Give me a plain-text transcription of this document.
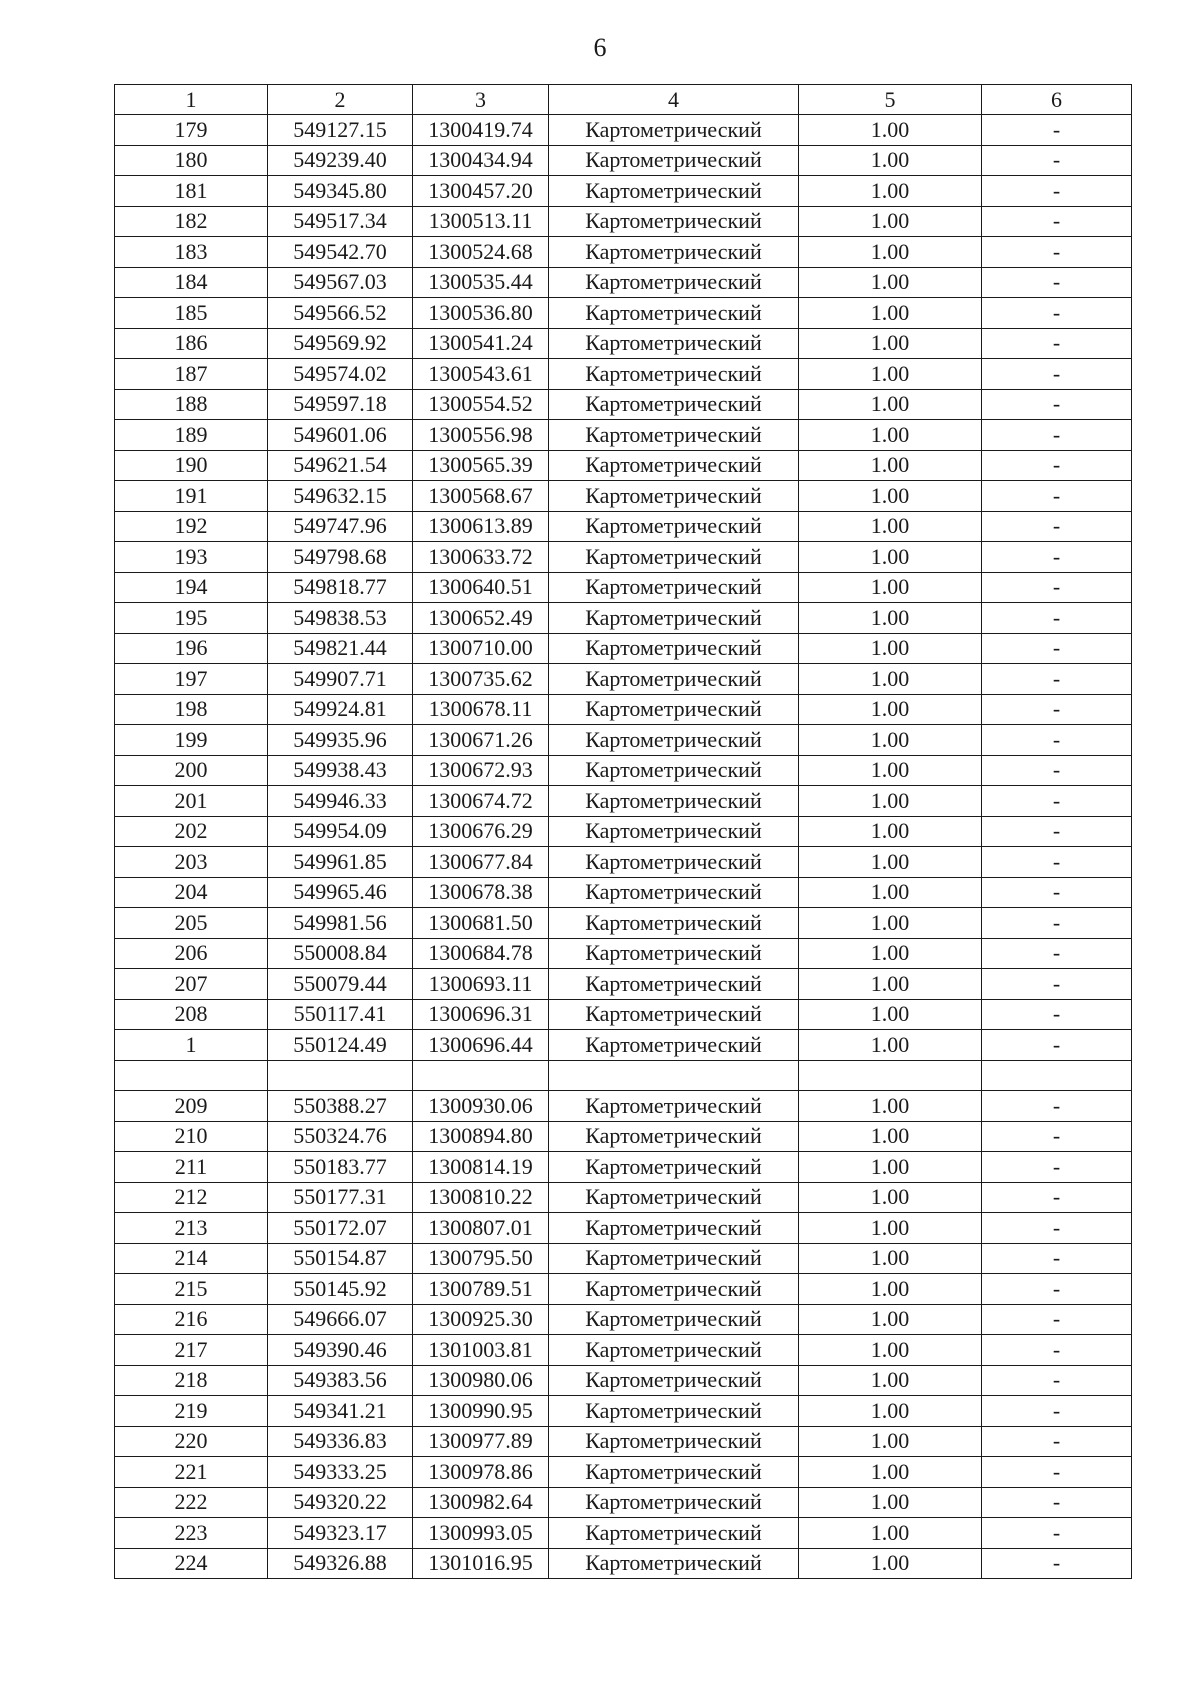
6
1	2	3	4	5	6
179	549127.15	1300419.74	Картометрический	1.00	-
180	549239.40	1300434.94	Картометрический	1.00	-
181	549345.80	1300457.20	Картометрический	1.00	-
182	549517.34	1300513.11	Картометрический	1.00	-
183	549542.70	1300524.68	Картометрический	1.00	-
184	549567.03	1300535.44	Картометрический	1.00	-
185	549566.52	1300536.80	Картометрический	1.00	-
186	549569.92	1300541.24	Картометрический	1.00	-
187	549574.02	1300543.61	Картометрический	1.00	-
188	549597.18	1300554.52	Картометрический	1.00	-
189	549601.06	1300556.98	Картометрический	1.00	-
190	549621.54	1300565.39	Картометрический	1.00	-
191	549632.15	1300568.67	Картометрический	1.00	-
192	549747.96	1300613.89	Картометрический	1.00	-
193	549798.68	1300633.72	Картометрический	1.00	-
194	549818.77	1300640.51	Картометрический	1.00	-
195	549838.53	1300652.49	Картометрический	1.00	-
196	549821.44	1300710.00	Картометрический	1.00	-
197	549907.71	1300735.62	Картометрический	1.00	-
198	549924.81	1300678.11	Картометрический	1.00	-
199	549935.96	1300671.26	Картометрический	1.00	-
200	549938.43	1300672.93	Картометрический	1.00	-
201	549946.33	1300674.72	Картометрический	1.00	-
202	549954.09	1300676.29	Картометрический	1.00	-
203	549961.85	1300677.84	Картометрический	1.00	-
204	549965.46	1300678.38	Картометрический	1.00	-
205	549981.56	1300681.50	Картометрический	1.00	-
206	550008.84	1300684.78	Картометрический	1.00	-
207	550079.44	1300693.11	Картометрический	1.00	-
208	550117.41	1300696.31	Картометрический	1.00	-
1	550124.49	1300696.44	Картометрический	1.00	-

209	550388.27	1300930.06	Картометрический	1.00	-
210	550324.76	1300894.80	Картометрический	1.00	-
211	550183.77	1300814.19	Картометрический	1.00	-
212	550177.31	1300810.22	Картометрический	1.00	-
213	550172.07	1300807.01	Картометрический	1.00	-
214	550154.87	1300795.50	Картометрический	1.00	-
215	550145.92	1300789.51	Картометрический	1.00	-
216	549666.07	1300925.30	Картометрический	1.00	-
217	549390.46	1301003.81	Картометрический	1.00	-
218	549383.56	1300980.06	Картометрический	1.00	-
219	549341.21	1300990.95	Картометрический	1.00	-
220	549336.83	1300977.89	Картометрический	1.00	-
221	549333.25	1300978.86	Картометрический	1.00	-
222	549320.22	1300982.64	Картометрический	1.00	-
223	549323.17	1300993.05	Картометрический	1.00	-
224	549326.88	1301016.95	Картометрический	1.00	-
